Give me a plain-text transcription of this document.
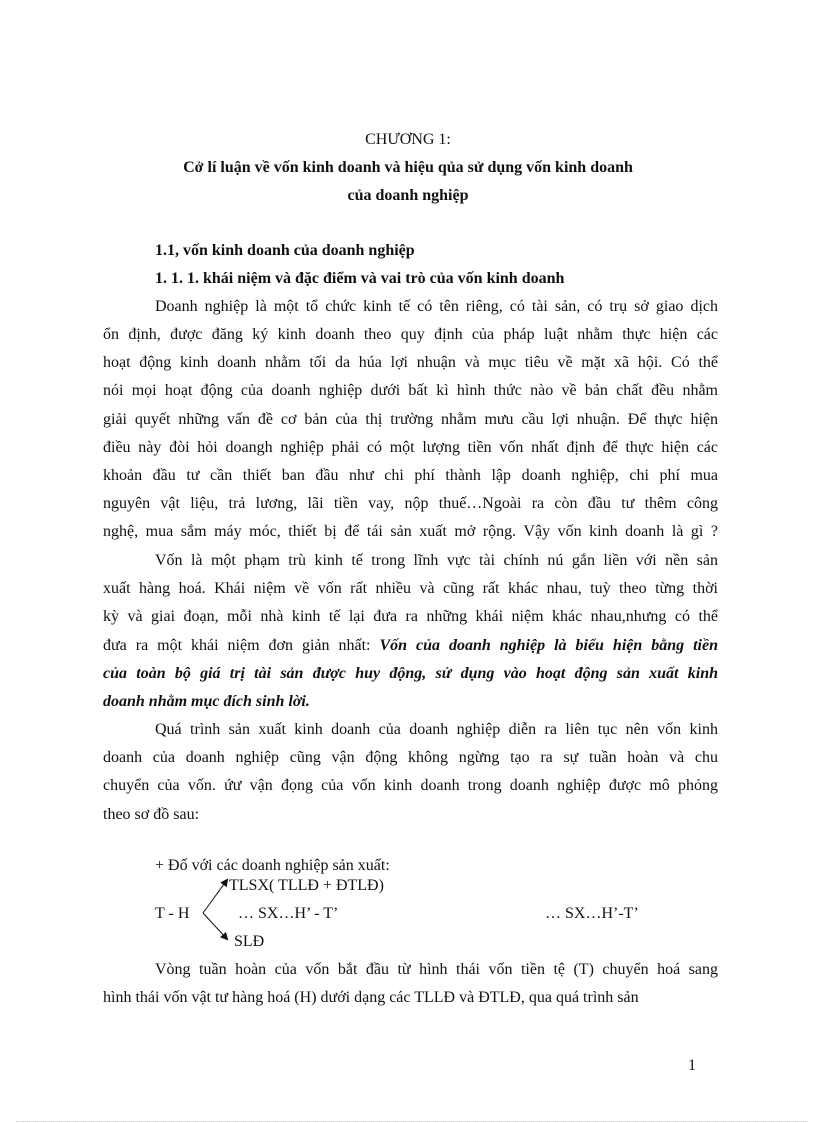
CHƯƠNG 1:
Cở lí luận về vốn kinh doanh và hiệu qủa sử dụng vốn kinh doanh
của doanh nghiệp
1.1, vốn kinh doanh của doanh nghiệp
1. 1. 1. khái niệm và đặc điểm và vai trò của vốn kinh doanh
Doanh nghiệp là một tổ chức kinh tế có tên riêng, có tài sản, có trụ sở giao dịch
ổn định, được đăng ký kinh doanh theo quy định của pháp luật nhằm thực hiện các
hoạt động kinh doanh nhằm tối da húa lợi nhuận và mục tiêu về mặt xã hội. Có thể
nói mọi hoạt động của doanh nghiệp dưới bất kì hình thức nào về bản chất đều nhằm
giải quyết những vấn đề cơ bản của thị trường nhằm mưu cầu lợi nhuận. Để thực hiện
điều này đòi hỏi doangh nghiệp phải có một lượng tiền vốn nhất định để thực hiện các
khoản đầu tư cần thiết ban đầu như chi phí thành lập doanh nghiệp, chi phí mua
nguyên vật liệu, trả lương, lãi tiền vay, nộp thuế…Ngoài ra còn đầu tư thêm công
nghệ, mua sắm máy móc, thiết bị để tái sản xuất mở rộng. Vậy vốn kinh doanh là gì ?
Vốn là một phạm trù kinh tế trong lĩnh vực tài chính nú gắn liền với nền sản
xuất hàng hoá. Khái niệm về vốn rất nhiều và cũng rất khác nhau, tuỳ theo từng thời
kỳ và giai đoạn, mỗi nhà kinh tế lại đưa ra những khái niệm khác nhau,nhưng có thể
đưa ra một khái niệm đơn giản nhất: Vốn của doanh nghiệp là biểu hiện bằng tiền
của toàn bộ giá trị tài sản được huy động, sử dụng vào hoạt động sản xuất kinh
doanh nhằm mục đích sinh lời.
Quá trình sản xuất kinh doanh của doanh nghiệp diễn ra liên tục nên vốn kinh
doanh của doanh nghiệp cũng vận động không ngừng tạo ra sự tuần hoàn và chu
chuyển của vốn. ứư vận đọng của vốn kinh doanh trong doanh nghiệp được mô phỏng
theo sơ đồ sau:
+ Đố với các doanh nghiệp sản xuất:
TLSX( TLLĐ + ĐTLĐ)
T - H	… SX…H’ - T’	… SX…H’-T’
SLĐ
Vòng tuần hoàn của vốn bắt đầu từ hình thái vốn tiền tệ (T) chuyển hoá sang
hình thái vốn vật tư hàng hoá (H) dưới dạng các TLLĐ và ĐTLĐ, qua quá trình sản
1
